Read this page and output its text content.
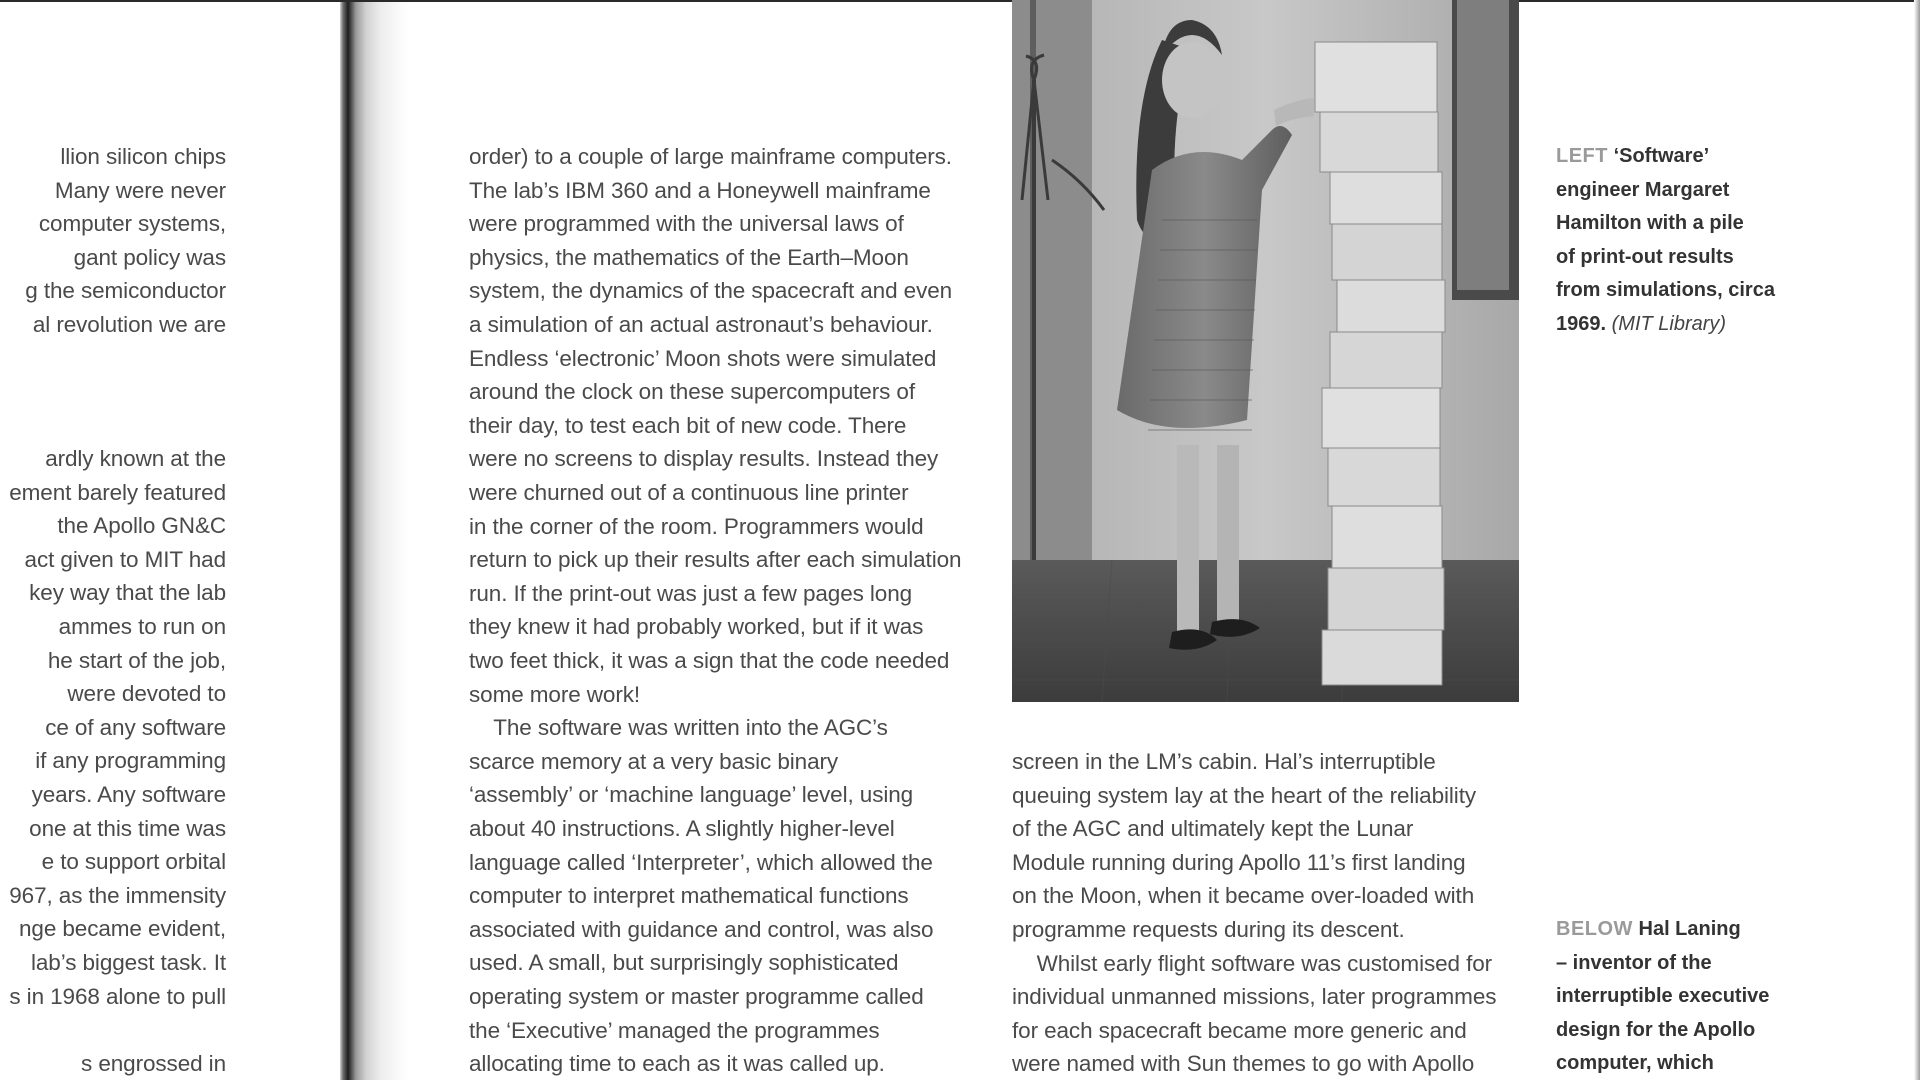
llion silicon chips
Many were never
computer systems,
gant policy was
g the semiconductor
al revolution we are
ardly known at the
ement barely featured
the Apollo GN&C
act given to MIT had
key way that the lab
ammes to run on
he start of the job,
were devoted to
ce of any software
if any programming
years. Any software
one at this time was
e to support orbital
967, as the immensity
nge became evident,
lab’s biggest task. It
s in 1968 alone to pull
s engrossed in
order) to a couple of large mainframe computers.
The lab’s IBM 360 and a Honeywell mainframe
were programmed with the universal laws of
physics, the mathematics of the Earth–Moon
system, the dynamics of the spacecraft and even
a simulation of an actual astronaut’s behaviour.
Endless ‘electronic’ Moon shots were simulated
around the clock on these supercomputers of
their day, to test each bit of new code. There
were no screens to display results. Instead they
were churned out of a continuous line printer
in the corner of the room. Programmers would
return to pick up their results after each simulation
run. If the print-out was just a few pages long
they knew it had probably worked, but if it was
two feet thick, it was a sign that the code needed
some more work!
The software was written into the AGC’s
scarce memory at a very basic binary
‘assembly’ or ‘machine language’ level, using
about 40 instructions. A slightly higher-level
language called ‘Interpreter’, which allowed the
computer to interpret mathematical functions
associated with guidance and control, was also
used. A small, but surprisingly sophisticated
operating system or master programme called
the ‘Executive’ managed the programmes
allocating time to each as it was called up.
screen in the LM’s cabin. Hal’s interruptible
queuing system lay at the heart of the reliability
of the AGC and ultimately kept the Lunar
Module running during Apollo 11’s first landing
on the Moon, when it became over-loaded with
programme requests during its descent.
Whilst early flight software was customised for
individual unmanned missions, later programmes
for each spacecraft became more generic and
were named with Sun themes to go with Apollo
LEFT ‘Software’
engineer Margaret
Hamilton with a pile
of print-out results
from simulations, circa
1969. (MIT Library)
BELOW Hal Laning
– inventor of the
interruptible executive
design for the Apollo
computer, which
